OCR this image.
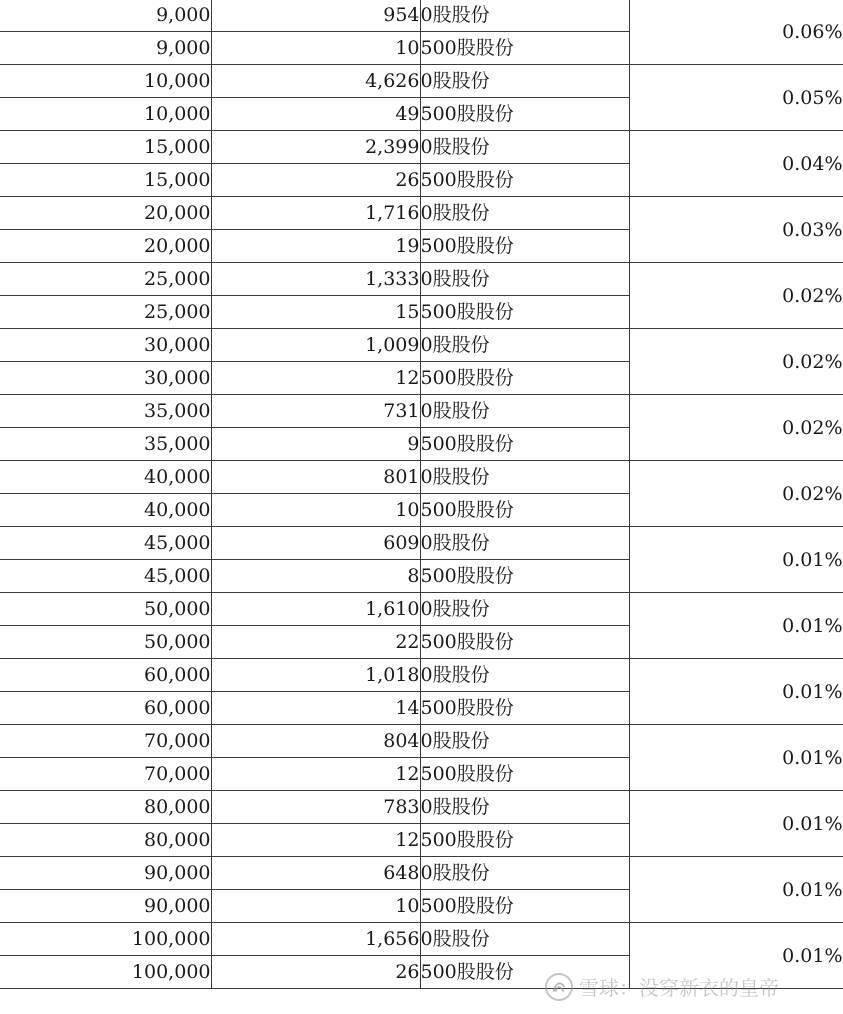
9,000	954	0股股份	0.06%
9,000	10	500股股份	
10,000	4,626	0股股份	0.05%
10,000	49	500股股份	
15,000	2,399	0股股份	0.04%
15,000	26	500股股份	
20,000	1,716	0股股份	0.03%
20,000	19	500股股份	
25,000	1,333	0股股份	0.02%
25,000	15	500股股份	
30,000	1,009	0股股份	0.02%
30,000	12	500股股份	
35,000	731	0股股份	0.02%
35,000	9	500股股份	
40,000	801	0股股份	0.02%
40,000	10	500股股份	
45,000	609	0股股份	0.01%
45,000	8	500股股份	
50,000	1,610	0股股份	0.01%
50,000	22	500股股份	
60,000	1,018	0股股份	0.01%
60,000	14	500股股份	
70,000	804	0股股份	0.01%
70,000	12	500股股份	
80,000	783	0股股份	0.01%
80,000	12	500股股份	
90,000	648	0股股份	0.01%
90,000	10	500股股份	
100,000	1,656	0股股份	0.01%
100,000	26	500股股份	
雪球：没穿新衣的皇帝
